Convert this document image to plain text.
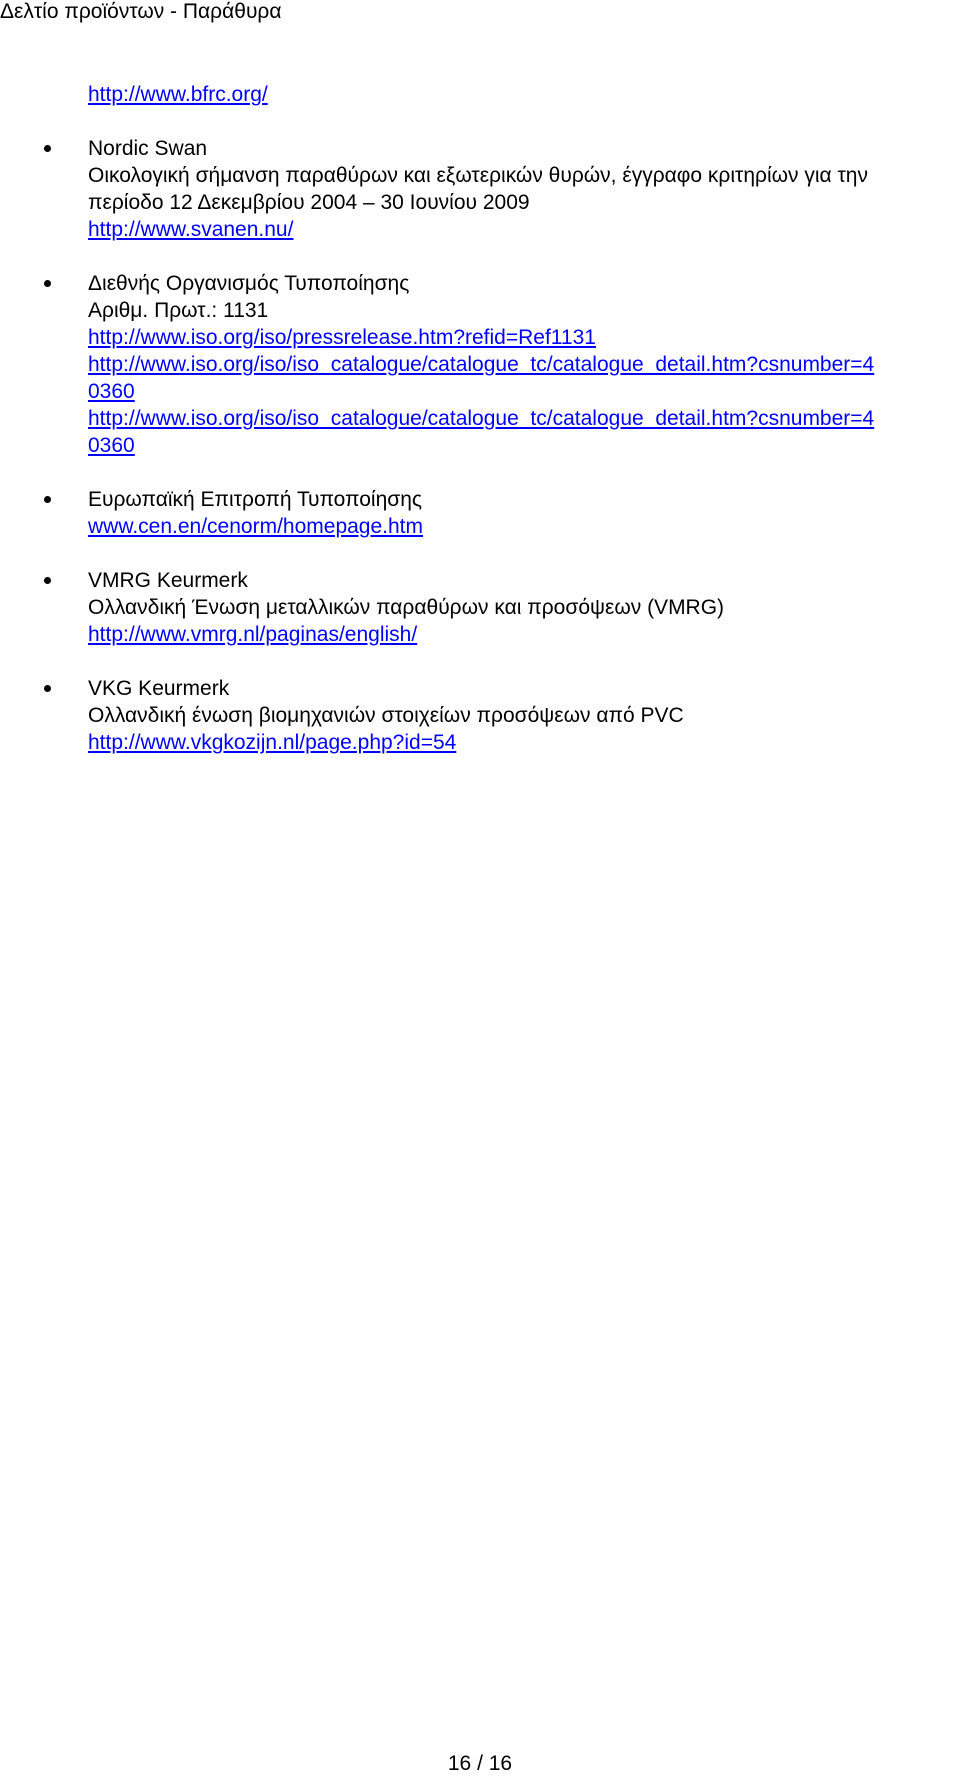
Δελτίο προϊόντων - Παράθυρα
http://www.bfrc.org/
Nordic Swan
Οικολογική σήμανση παραθύρων και εξωτερικών θυρών, έγγραφο κριτηρίων για την
περίοδο 12 Δεκεμβρίου 2004 – 30 Ιουνίου 2009
http://www.svanen.nu/
Διεθνής Οργανισμός Τυποποίησης
Αριθμ. Πρωτ.: 1131
http://www.iso.org/iso/pressrelease.htm?refid=Ref1131
http://www.iso.org/iso/iso_catalogue/catalogue_tc/catalogue_detail.htm?csnumber=4
0360
http://www.iso.org/iso/iso_catalogue/catalogue_tc/catalogue_detail.htm?csnumber=4
0360
Ευρωπαϊκή Επιτροπή Τυποποίησης
www.cen.en/cenorm/homepage.htm
VMRG Keurmerk
Ολλανδική Ένωση μεταλλικών παραθύρων και προσόψεων (VMRG)
http://www.vmrg.nl/paginas/english/
VKG Keurmerk
Ολλανδική ένωση βιομηχανιών στοιχείων προσόψεων από PVC
http://www.vkgkozijn.nl/page.php?id=54
16 / 16
